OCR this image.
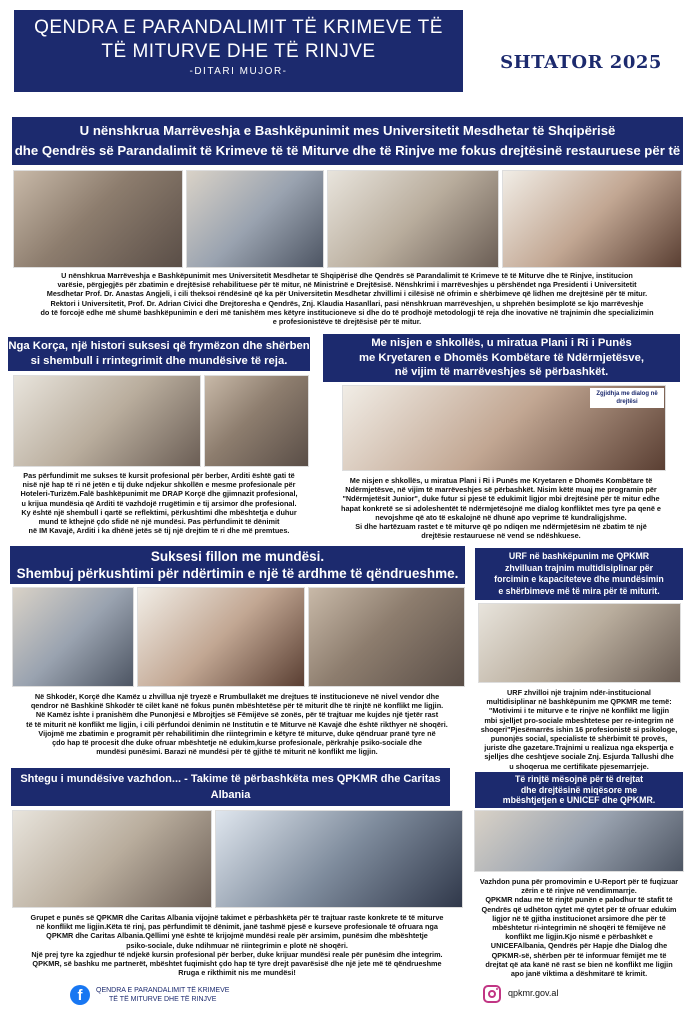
QENDRA E PARANDALIMIT TË KRIMEVE TË
TË MITURVE DHE TË RINJVE
-DITARI MUJOR-	SHTATOR 2025
U nënshkrua Marrëveshja e Bashkëpunimit mes Universitetit Mesdhetar të Shqipërisë
dhe Qendrës së Parandalimit të Krimeve të të Miturve dhe të Rinjve me fokus drejtësinë restauruese për të
U nënshkrua Marrëveshja e Bashkëpunimit mes Universitetit Mesdhetar të Shqipërisë dhe Qendrës së Parandalimit të Krimeve të të Miturve dhe të Rinjve, institucion
varësie, përgjegjës për zbatimin e drejtësisë rehabilituese për të mitur, në Ministrinë e Drejtësisë. Nënshkrimi i marrëveshjes u përshëndet nga Presidenti i Universitetit
Mesdhetar Prof. Dr. Anastas Angjeli, i cili theksoi rëndësinë që ka për Universitetin Mesdhetar zhvillimi i cilësisë në ofrimin e shërbimeve që lidhen me drejtësinë për të mitur.
Rektori i Universitetit, Prof. Dr. Adrian Civici dhe Drejtoresha e Qendrës, Znj. Klaudia Hasanllari, pasi nënshkruan marrëveshjen, u shprehën besimplotë se kjo marrëveshje
do të forcojë edhe më shumë bashkëpunimin e deri më tanishëm mes këtyre institucioneve si dhe do të prodhojë metodologji të reja dhe inovative në trajnimin dhe specializimin
e profesionistëve të drejtësisë për të mitur.
Nga Korça, një histori suksesi që frymëzon dhe shërben
si shembull i rrintegrimit dhe mundësive të reja.
Pas përfundimit me sukses të kursit profesional për berber, Arditi është gati të
nisë një hap të ri në jetën e tij duke ndjekur shkollën e mesme profesionale për
Hoteleri-Turizëm.Falë bashkëpunimit me DRAP Korçë dhe gjimnazit profesional,
u krijua mundësia që Arditi të vazhdojë rrugëtimin e tij arsimor dhe profesional.
Ky është një shembull i qartë se reflektimi, përkushtimi dhe mbështetja e duhur
mund të kthejnë çdo sfidë në një mundësi. Pas përfundimit të dënimit
në IM Kavajë, Arditi i ka dhënë jetës së tij një drejtim të ri dhe më premtues.
Me nisjen e shkollës, u miratua Plani i Ri i Punës
me Kryetaren e Dhomës Kombëtare të Ndërmjetësve,
në vijim të marrëveshjes së përbashkët.
Zgjidhja me dialog në drejtësi
Me nisjen e shkollës, u miratua Plani i Ri i Punës me Kryetaren e Dhomës Kombëtare të
Ndërmjetësve, në vijim të marrëveshjes së përbashkët. Nisim këtë muaj me programin për
"Ndërmjetësit Junior", duke futur si pjesë të edukimit ligjor mbi drejtësinë për të mitur edhe
hapat konkretë se si adoleshentët të ndërmjetësojnë me dialog konfliktet mes tyre pa qenë e
nevojshme që ato të eskalojnë në dhunë apo veprime të kundraligjshme.
Si dhe hartëzuam rastet e të miturve që po ndiqen me ndërmjetësim në zbatim të një
drejtësie restauruese në vend se ndëshkuese.
Suksesi fillon me mundësi.
Shembuj përkushtimi për ndërtimin e një të ardhme të qëndrueshme.
Në Shkodër, Korçë dhe Kamëz u zhvillua një tryezë e Rrumbullakët me drejtues të institucioneve në nivel vendor dhe
qendror në Bashkinë Shkodër të cilët kanë në fokus punën mbështetëse për të miturit dhe të rinjtë në konflikt me ligjin.
Në Kamëz ishte i pranishëm dhe Punonjësi e Mbrojtjes së Fëmijëve së zonës, për të trajtuar me kujdes një tjetër rast
të të miturit në konflikt me ligjin, i cili përfundoi dënimin në Institutin e të Miturve në Kavajë dhe është rikthyer në shoqëri.
Vijojmë me zbatimin e programit për rehabilitimin dhe riintegrimin e këtyre të miturve, duke qëndruar pranë tyre në
çdo hap të procesit dhe duke ofruar mbështetje në edukim,kurse profesionale, përkrahje psiko-sociale dhe
mundësi punësimi. Barazi në mundësi për të gjithë të miturit në konflikt me ligjin.
URF në bashkëpunim me QPKMR
zhvilluan trajnim multidisiplinar për
forcimin e kapaciteteve dhe mundësimin
e shërbimeve më të mira për të miturit.
URF zhvilloi një trajnim ndër-institucional
multidisiplinar në bashkëpunim me QPKMR me temë:
"Motivimi i te miturve e te rinjve në konflikt me ligjin
mbi sjelljet pro-sociale mbeshtetese per re-integrim në
shoqeri"Pjesëmarrës ishin 16 profesionistë si psikologe,
punonjës social, specialiste të shërbimit të provës,
juriste dhe gazetare.Trajnimi u realizua nga ekspertja e
sjelljes dhe ceshtjeve sociale Znj. Esjurda Tallushi dhe
u shoqerua me certifikate pjesemarrjeje.
Shtegu i mundësive vazhdon... - Takime të përbashkëta mes QPKMR dhe Caritas Albania
Grupet e punës së QPKMR dhe Caritas Albania vijojnë takimet e përbashkëta për të trajtuar raste konkrete të të miturve
në konflikt me ligjin.Këta të rinj, pas përfundimit të dënimit, janë tashmë pjesë e kurseve profesionale të ofruara nga
QPKMR dhe Caritas Albania.Qëllimi ynë është të krijojmë mundësi reale për arsimim, punësim dhe mbështetje
psiko-sociale, duke ndihmuar në riintegrimin e plotë në shoqëri.
Një prej tyre ka zgjedhur të ndjekë kursin profesional për berber, duke krijuar mundësi reale për punësim dhe integrim.
QPKMR, së bashku me partnerët, mbështet fuqimisht çdo hap të tyre drejt pavarësisë dhe një jete më të qëndrueshme
Rruga e rikthimit nis me mundësi!
Të rinjtë mësojnë për të drejtat
dhe drejtësinë miqësore me
mbështjetjen e UNICEF dhe QPKMR.
Vazhdon puna për promovimin e U-Report për të fuqizuar
zërin e të rinjve në vendimmarrje.
QPKMR ndau me të rinjtë punën e palodhur të stafit të
Qendrës që udhëton qytet më qytet për të ofruar edukim
ligjor në të gjitha institucionet arsimore dhe për të
mbështetur ri-integrimin në shoqëri të fëmijëve në
konflikt me ligjin.Kjo nismë e përbashkët e
UNICEFAlbania, Qendrës për Hapje dhe Dialog dhe
QPKMR-së, shërben për të informuar fëmijët me të
drejtat që ata kanë në rast se bien në konflikt me ligjin
apo janë viktima a dëshmitarë të krimit.
f	QENDRA E PARANDALIMIT TË KRIMEVE
TË TË MITURVE DHE TË RINJVE
qpkmr.gov.al
